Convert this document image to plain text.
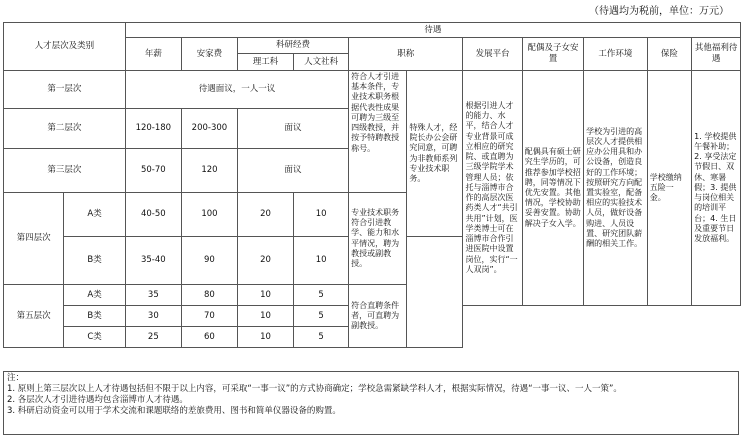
（待遇均为税前，单位：万元）
人才层次及类别		待遇										
		年薪	安家费	科研经费		职称		发展平台	配偶及子女安置	工作环境	保险	其他福利待遇
				理工科	人文社科							
第一层次		待遇面议，一人一议				符合人才引进基本条件，专业技术职务根据代表性成果可聘为三级至四级教授，并按予特聘教授称号。	特殊人才，经院长办公会研究同意，可聘为非教师系列专业技术职务。	根据引进人才的能力、水平，结合人才专业背景可成立相应的研究院、或直聘为三级学院学术管理人员；依托与淄博市合作的高层次医药类人才“共引共用”计划，医学类博士可在淄博市合作引进医院中设置岗位，实行“一人双岗”。	配偶具有硕士研究生学历的，可推荐参加学校招聘，同等情况下优先安置。其他情况，学校协助妥善安置。协助解决子女入学。	学校为引进的高层次人才提供相应办公用具和办公设备，创造良好的工作环境；按照研究方向配置实验室，配备相应的实验技术人员，做好设备购进、人员设置、研究团队薪酬的相关工作。	学校缴纳五险一金。	1. 学校提供午餐补助；2. 享受法定节假日、双休、寒暑假；3. 提供与岗位相关的培训平台；4. 生日及重要节日发放福利。
第二层次		120-180	200-300	面议								
第三层次		50-70	120	面议								
第四层次	A类	40-50	100	20	10	专业技术职务符合引进教学、能力和水平情况，聘为教授或副教授。						
	B类	35-40	90	20	10							
第五层次	A类	35	80	10	5	符合直聘条件者，可直聘为副教授。						
	B类	30	70	10	5							
	C类	25	60	10	5							
注：
1. 原则上第三层次以上人才待遇包括但不限于以上内容，可采取“一事一议”的方式协商确定；学校急需紧缺学科人才，根据实际情况，待遇“一事一议、一人一策”。
2. 各层次人才引进待遇均包含淄博市人才待遇。
3. 科研启动资金可以用于学术交流和课题联络的差旅费用、图书和简单仪器设备的购置。
